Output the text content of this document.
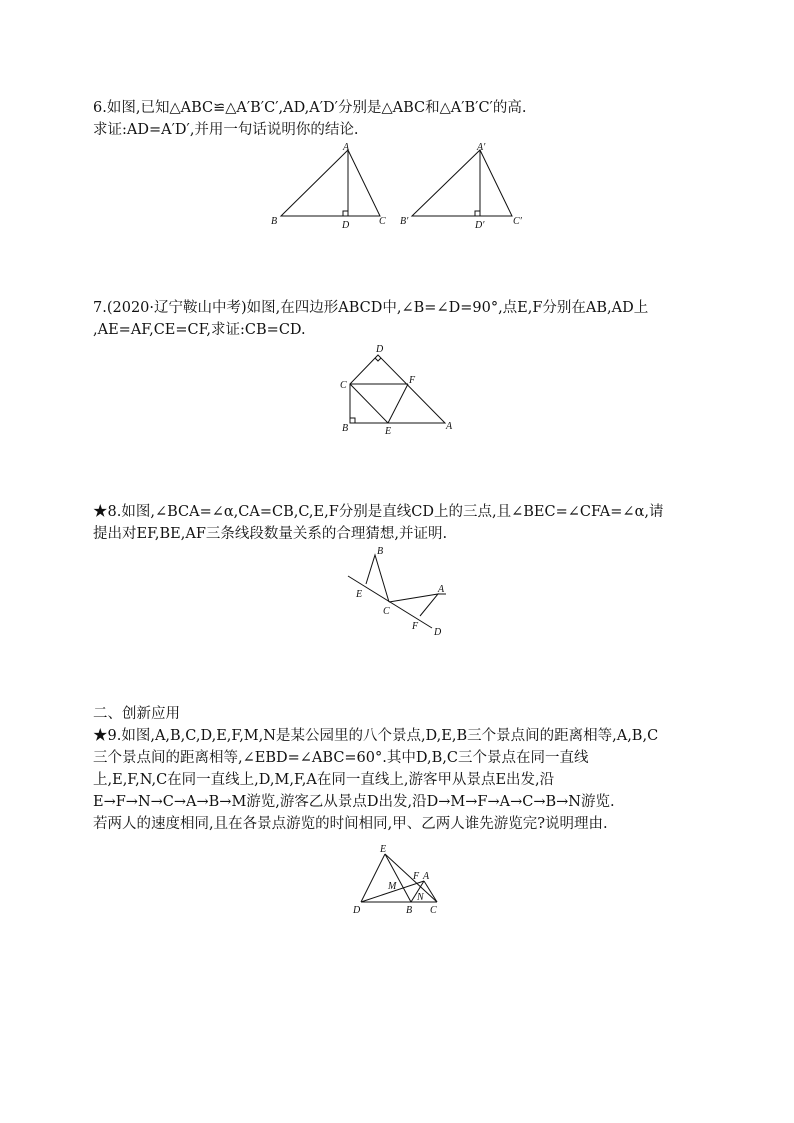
6.如图,已知△ABC≌△A′B′C′,AD,A′D′分别是△ABC和△A′B′C′的高.

求证:AD=A′D′,并用一句话说明你的结论.

A
B	C
D
A′
B′	C′
D′

7.(2020·辽宁鞍山中考)如图,在四边形ABCD中,∠B=∠D=90°,点E,F分别在AB,AD上

,AE=AF,CE=CF,求证:CB=CD.

D
C	F
B	E	A

★8.如图,∠BCA=∠α,CA=CB,C,E,F分别是直线CD上的三点,且∠BEC=∠CFA=∠α,请

提出对EF,BE,AF三条线段数量关系的合理猜想,并证明.

B
E
C
A
F
D
二、创新应用

★9.如图,A,B,C,D,E,F,M,N是某公园里的八个景点,D,E,B三个景点间的距离相等,A,B,C

三个景点间的距离相等,∠EBD=∠ABC=60°.其中D,B,C三个景点在同一直线

上,E,F,N,C在同一直线上,D,M,F,A在同一直线上,游客甲从景点E出发,沿

E→F→N→C→A→B→M游览,游客乙从景点D出发,沿D→M→F→A→C→B→N游览.

若两人的速度相同,且在各景点游览的时间相同,甲、乙两人谁先游览完?说明理由.

E
M
F A
N
D	B C
